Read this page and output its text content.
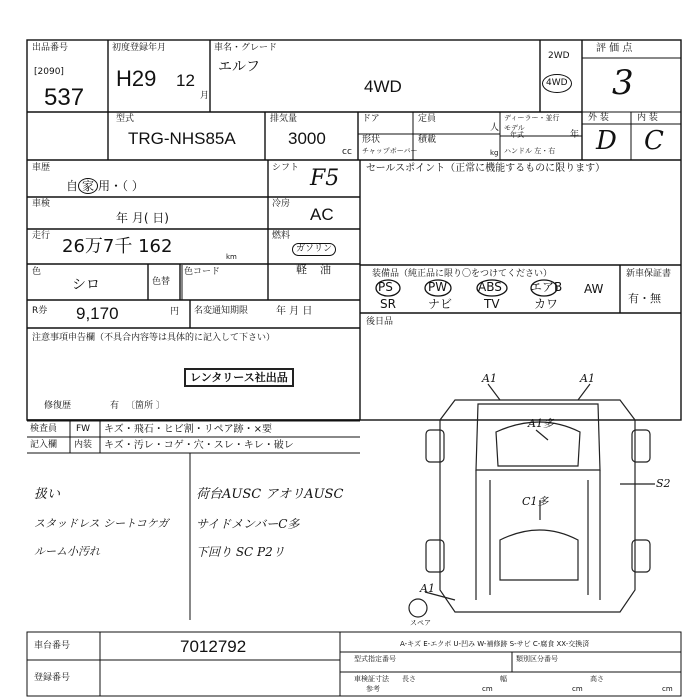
出品番号
[2090]
537
初度登録年月
H29 12
月
車名・グレード
エルフ
4WD
2WD
4WD
評 価 点
3
型式
TRG-NHS85A
排気量
3000
cc
ドア	定員
人
形状
チャップボーバー
積載
kg
ディーラー・並行
モデル
年式	年
ハンドル 左・右
外 装	内 装
D C
車歴
自 家 用・（ ）
シフト F5
車検
年 月( 日)
冷房
AC
走行 26万7千 162	km
燃料
ガソリン
軽 油
色
シロ	色替
色コード
R券 9,170	円 名変通知期限	年 月 日
注意事項申告欄（不具合内容等は具体的に記入して下さい）
レンタリース社出品
修復歴	有 〔箇所 〕
検査員
記入欄
FW キズ・飛石・ヒビ割・リペア跡・×要
内装 キズ・汚レ・コゲ・穴・スレ・キレ・破レ
扱い
スタッドレス シートコケガ
ルーム小汚れ
荷台AUSC アオリAUSC
サイドメンバーC多
下回り SC P2リ
セールスポイント（正常に機能するものに限ります）
装備品（純正品に限り〇をつけてください）	新車保証書
有・無
PS	PW	ABS エアB AW
SR	ナビ	TV	カワ
後日品
A1	A1
A1多
C1多
S2
A1
スペア
車台番号	7012792
登録番号
A-キズ E-エクボ U-凹み W-補修跡 S-サビ C-腐食 XX-交換済
型式指定番号	類別区分番号
車検証寸法
参考
長さ
cm
幅
cm
高さ
cm
